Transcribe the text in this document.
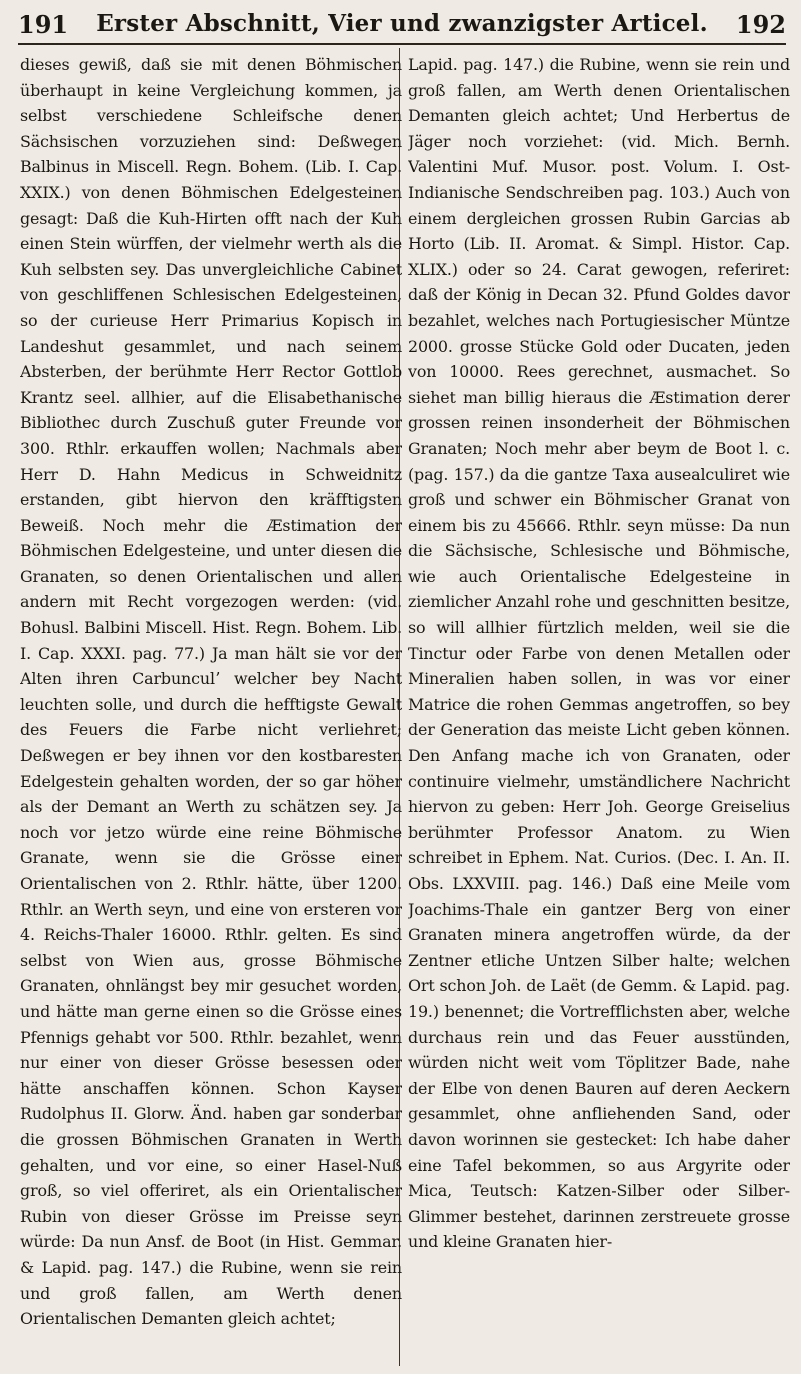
191	Erster Abschnitt, Vier und zwanzigster Articel.	192

dieses gewiß, daß sie mit denen Böhmischen überhaupt in keine Vergleichung kommen, ja selbst verschiedene Schleifsche denen Sächsischen vorzuziehen sind: Deßwegen Balbinus in Miscell. Regn. Bohem. (Lib. I. Cap. XXIX.) von denen Böhmischen Edelgesteinen gesagt: Daß die Kuh-Hirten offt nach der Kuh einen Stein würffen, der vielmehr werth als die Kuh selbsten sey. Das unvergleichliche Cabinet von geschliffenen Schlesischen Edelgesteinen, so der curieuse Herr Primarius Kopisch in Landeshut gesammlet, und nach seinem Absterben, der berühmte Herr Rector Gottlob Krantz seel. allhier, auf die Elisabethanische Bibliothec durch Zuschuß guter Freunde vor 300. Rthlr. erkauffen wollen; Nachmals aber Herr D. Hahn Medicus in Schweidnitz erstanden, gibt hiervon den kräfftigsten Beweiß. Noch mehr die Æstimation der Böhmischen Edelgesteine, und unter diesen die Granaten, so denen Orientalischen und allen andern mit Recht vorgezogen werden: (vid. Bohusl. Balbini Miscell. Hist. Regn. Bohem. Lib. I. Cap. XXXI. pag. 77.) Ja man hält sie vor der Alten ihren Carbunculʼ welcher bey Nacht leuchten solle, und durch die hefftigste Gewalt des Feuers die Farbe nicht verliehret; Deßwegen er bey ihnen vor den kostbaresten Edelgestein gehalten worden, der so gar höher als der Demant an Werth zu schätzen sey. Ja noch vor jetzo würde eine reine Böhmische Granate, wenn sie die Grösse einer Orientalischen von 2. Rthlr. hätte, über 1200. Rthlr. an Werth seyn, und eine von ersteren vor 4. Reichs-Thaler 16000. Rthlr. gelten. Es sind selbst von Wien aus, grosse Böhmische Granaten, ohnlängst bey mir gesuchet worden, und hätte man gerne einen so die Grösse eines Pfennigs gehabt vor 500. Rthlr. bezahlet, wenn nur einer von dieser Grösse besessen oder hätte anschaffen können. Schon Kayser Rudolphus II. Glorw. Änd. haben gar sonderbar die grossen Böhmischen Granaten in Werth gehalten, und vor eine, so einer Hasel-Nuß groß, so viel offeriret, als ein Orientalischer Rubin von dieser Grösse im Preisse seyn würde: Da nun Ansf. de Boot (in Hist. Gemmar. & Lapid. pag. 147.) die Rubine, wenn sie rein und groß fallen, am Werth denen Orientalischen Demanten gleich achtet;

Lapid. pag. 147.) die Rubine, wenn sie rein und groß fallen, am Werth denen Orientalischen Demanten gleich achtet; Und Herbertus de Jäger noch vorziehet: (vid. Mich. Bernh. Valentini Muf. Musor. post. Volum. I. Ost-Indianische Sendschreiben pag. 103.) Auch von einem dergleichen grossen Rubin Garcias ab Horto (Lib. II. Aromat. & Simpl. Histor. Cap. XLIX.) oder so 24. Carat gewogen, referiret: daß der König in Decan 32. Pfund Goldes davor bezahlet, welches nach Portugiesischer Müntze 2000. grosse Stücke Gold oder Ducaten, jeden von 10000. Rees gerechnet, ausmachet. So siehet man billig hieraus die Æstimation derer grossen reinen insonderheit der Böhmischen Granaten; Noch mehr aber beym de Boot l. c. (pag. 157.) da die gantze Taxa ausealculiret wie groß und schwer ein Böhmischer Granat von einem bis zu 45666. Rthlr. seyn müsse: Da nun die Sächsische, Schlesische und Böhmische, wie auch Orientalische Edelgesteine in ziemlicher Anzahl rohe und geschnitten besitze, so will allhier fürtzlich melden, weil sie die Tinctur oder Farbe von denen Metallen oder Mineralien haben sollen, in was vor einer Matrice die rohen Gemmas angetroffen, so bey der Generation das meiste Licht geben können. Den Anfang mache ich von Granaten, oder continuire vielmehr, umständlichere Nachricht hiervon zu geben: Herr Joh. George Greiselius berühmter Professor Anatom. zu Wien schreibet in Ephem. Nat. Curios. (Dec. I. An. II. Obs. LXXVIII. pag. 146.) Daß eine Meile vom Joachims-Thale ein gantzer Berg von einer Granaten minera angetroffen würde, da der Zentner etliche Untzen Silber halte; welchen Ort schon Joh. de Laët (de Gemm. & Lapid. pag. 19.) benennet; die Vortrefflichsten aber, welche durchaus rein und das Feuer ausstünden, würden nicht weit vom Töplitzer Bade, nahe der Elbe von denen Bauren auf deren Aeckern gesammlet, ohne anfliehenden Sand, oder davon worinnen sie gestecket: Ich habe daher eine Tafel bekommen, so aus Argyrite oder Mica, Teutsch: Katzen-Silber oder Silber-Glimmer bestehet, darinnen zerstreuete grosse und kleine Granaten hier-
